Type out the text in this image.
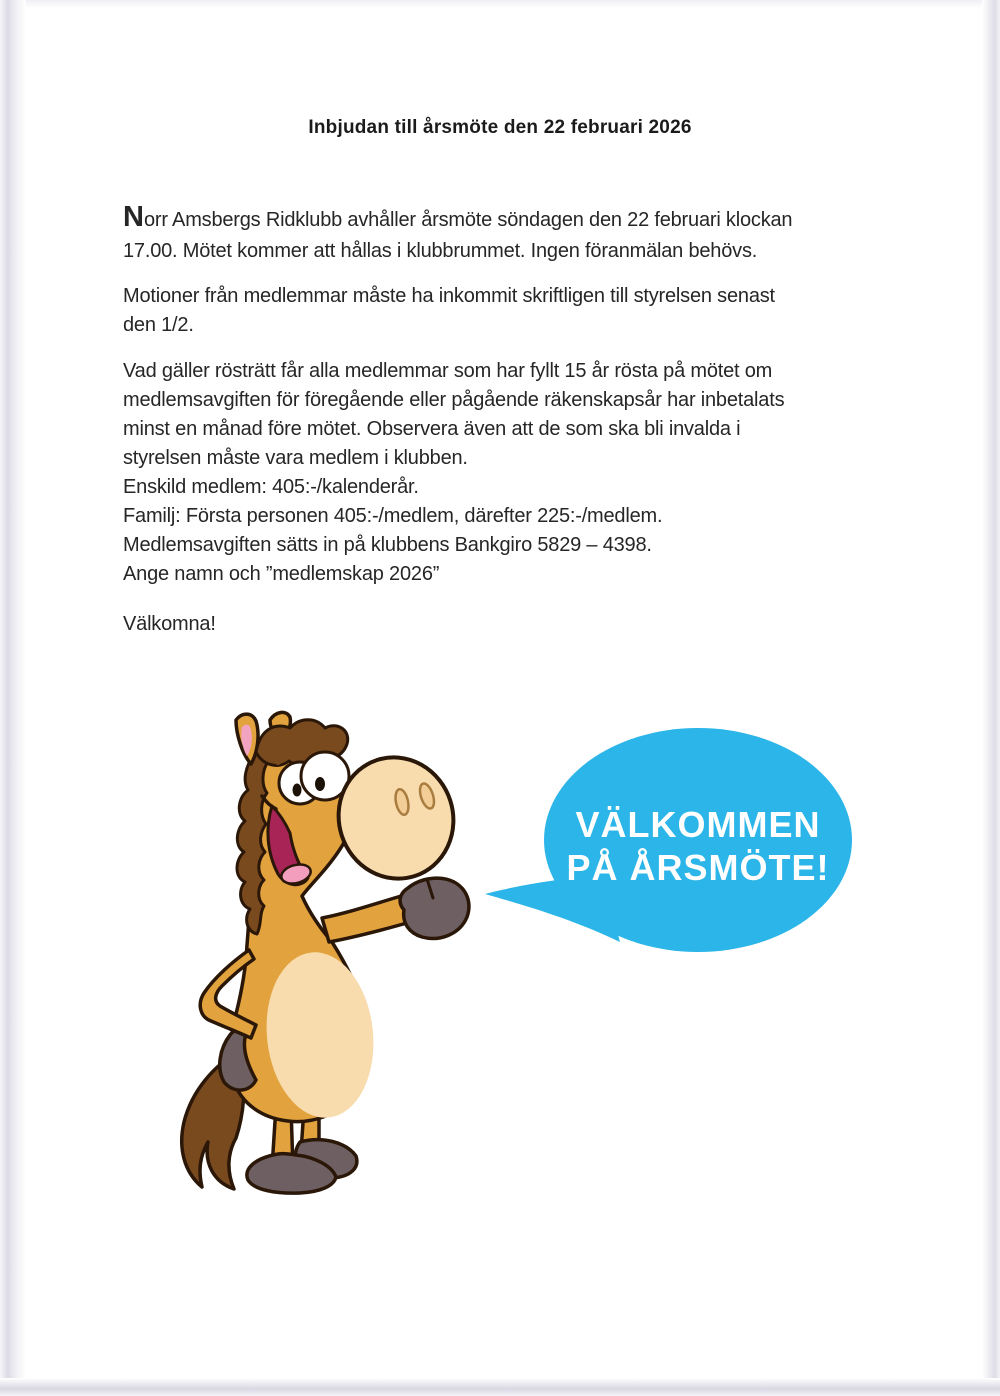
Inbjudan till årsmöte den 22 februari 2026

Norr Amsbergs Ridklubb avhåller årsmöte söndagen den 22 februari klockan
17.00. Mötet kommer att hållas i klubbrummet. Ingen föranmälan behövs.

Motioner från medlemmar måste ha inkommit skriftligen till styrelsen senast
den 1/2.

Vad gäller rösträtt får alla medlemmar som har fyllt 15 år rösta på mötet om
medlemsavgiften för föregående eller pågående räkenskapsår har inbetalats
minst en månad före mötet. Observera även att de som ska bli invalda i
styrelsen måste vara medlem i klubben.
Enskild medlem: 405:-/kalenderår.
Familj: Första personen 405:-/medlem, därefter 225:-/medlem.
Medlemsavgiften sätts in på klubbens Bankgiro 5829 – 4398.
Ange namn och ”medlemskap 2026”

Välkomna!

VÄLKOMMEN
PÅ ÅRSMÖTE!
